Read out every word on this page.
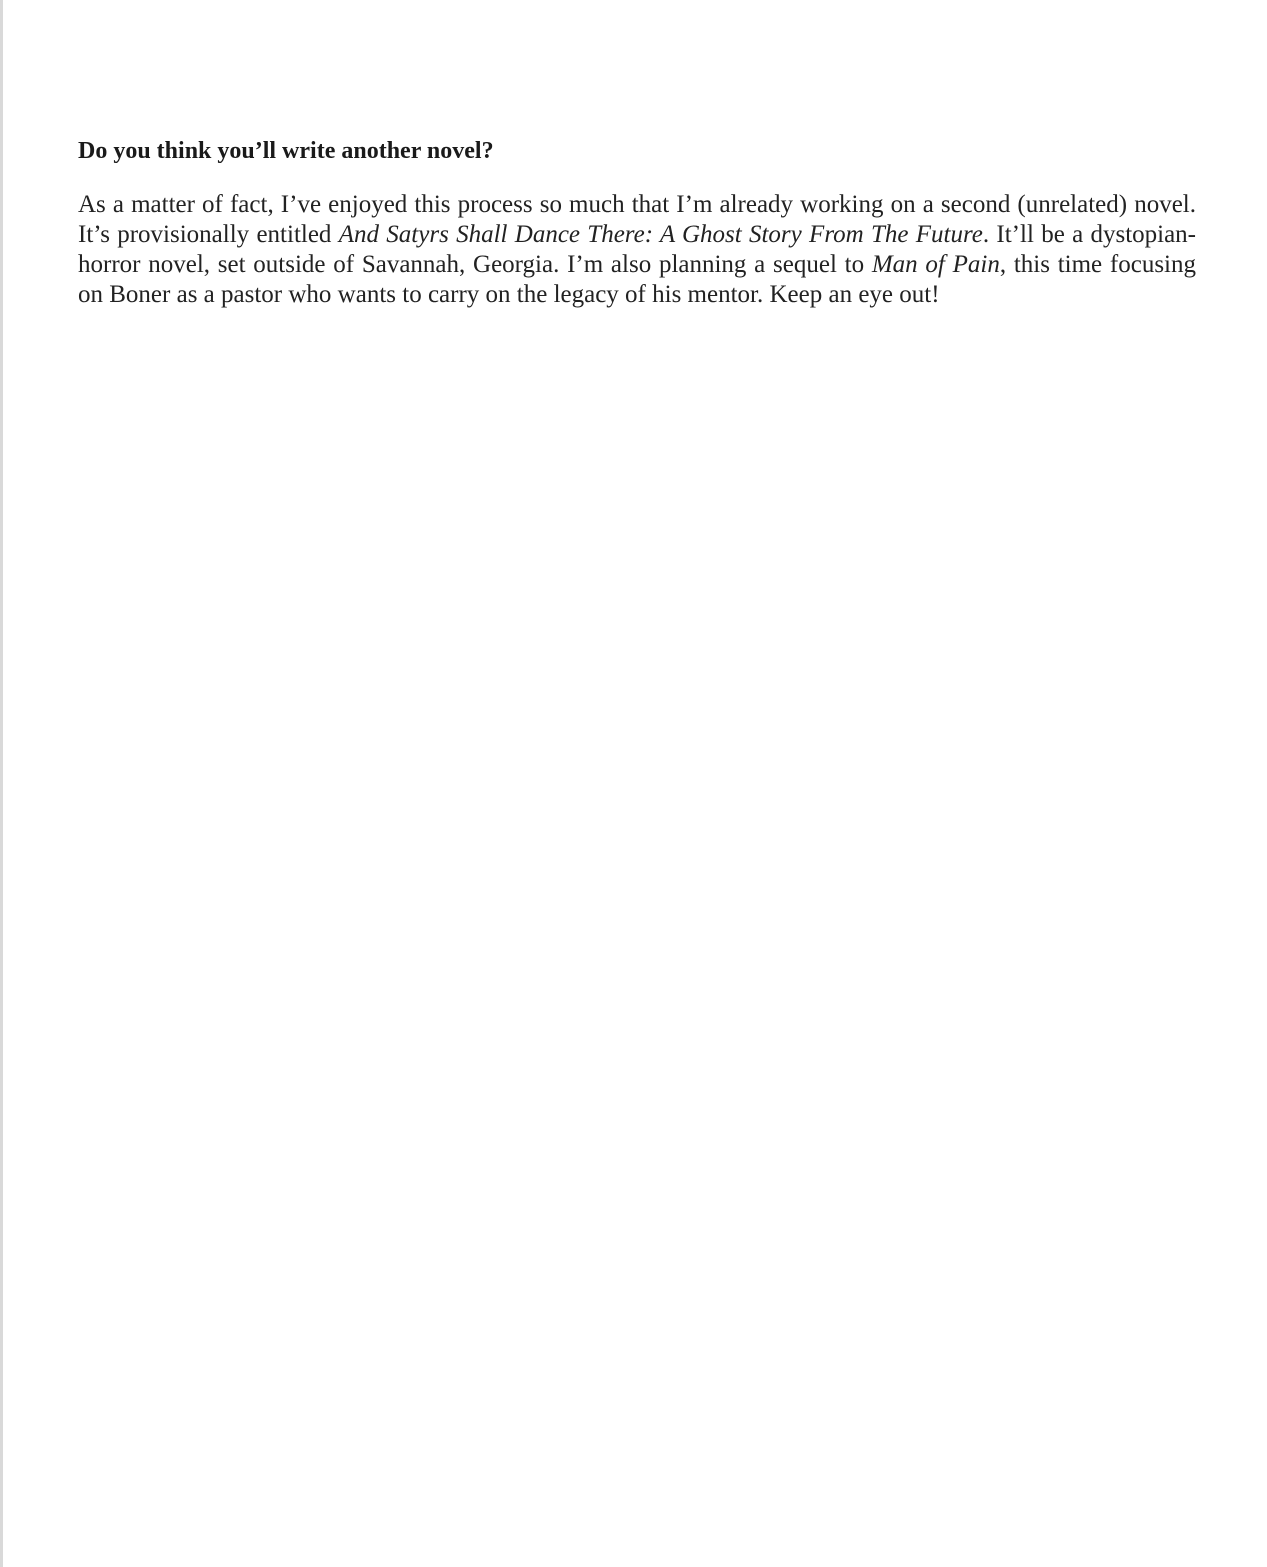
Do you think you’ll write another novel?

As a matter of fact, I’ve enjoyed this process so much that I’m already working on a second (unrelated) novel. It’s provisionally entitled And Satyrs Shall Dance There: A Ghost Story From The Future. It’ll be a dystopian-horror novel, set outside of Savannah, Georgia. I’m also planning a sequel to Man of Pain, this time focusing on Boner as a pastor who wants to carry on the legacy of his mentor. Keep an eye out!
